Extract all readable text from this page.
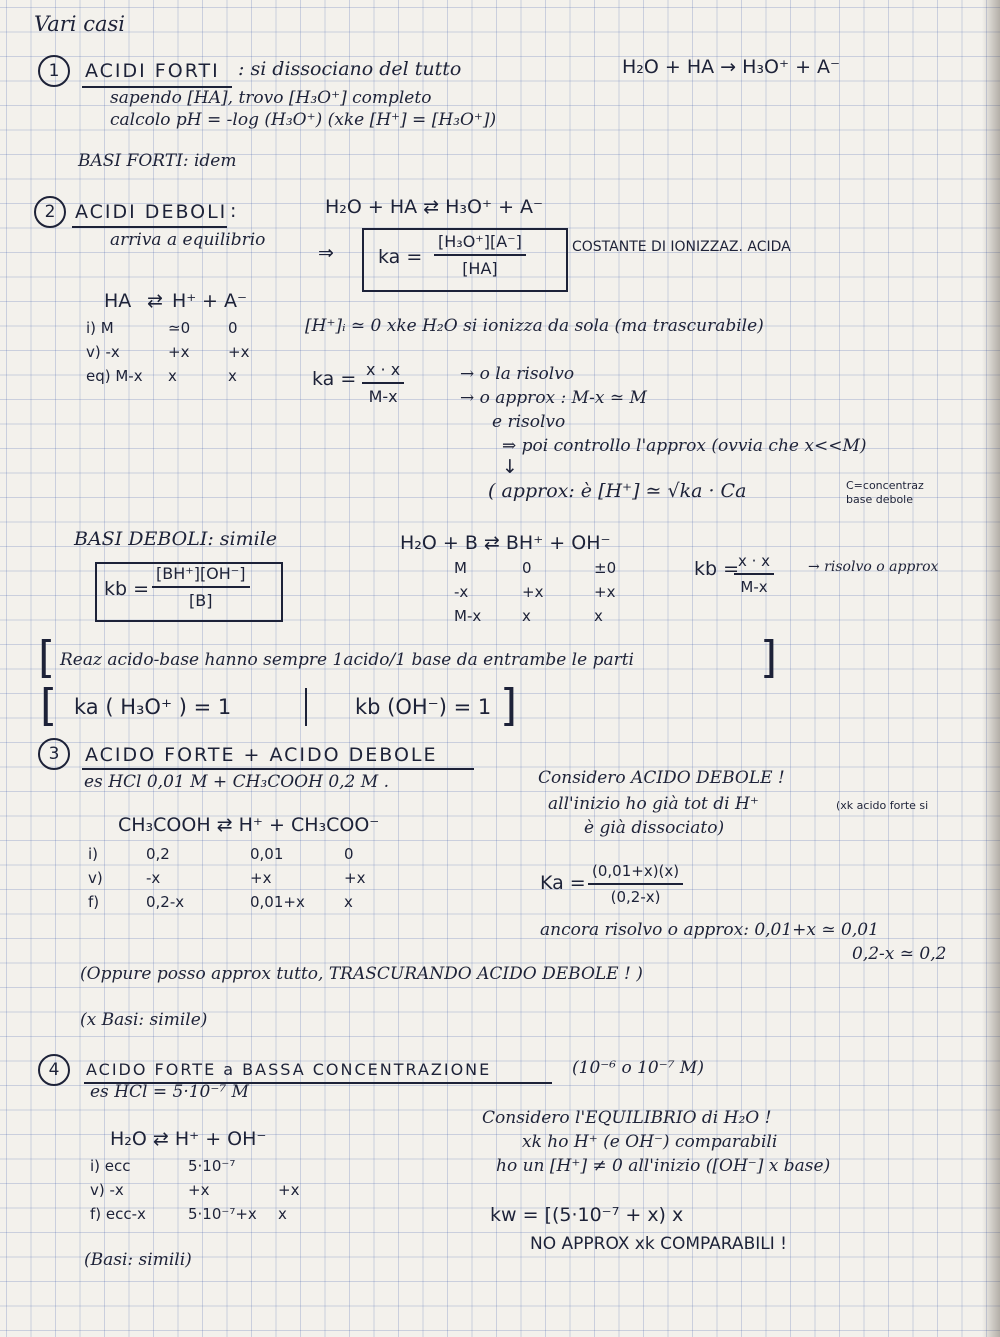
Vari casi
1	ACIDI FORTI : si dissociano del tutto	H₂O + HA → H₃O⁺ + A⁻
sapendo [HA], trovo [H₃O⁺] completo
calcolo pH = -log (H₃O⁺) (xke [H⁺] = [H₃O⁺])
BASI FORTI: idem
2	ACIDI DEBOLI :	H₂O + HA ⇄ H₃O⁺ + A⁻
arriva a equilibrio
⇒ ka = $\frac{\text{[H₃O⁺][A⁻]}}{[HA]}$	COSTANTE DI IONIZZAZ. ACIDA
HA ⇄ H⁺ + A⁻
i) M	≃0	0
v) -x	+x	+x
eq) M-x	x	x
[H⁺]ᵢ ≃ 0 xke H₂O si ionizza da sola (ma trascurabile)
ka = $\frac{x \cdot x}{M-x}$	→ o la risolvo
→ o approx : M-x ≃ M
e risolvo
⇒ poi controllo l'approx (ovvia che x<<M)
↓
( approx: è [H⁺] ≃ √ka · Ca	C=concentraz
base debole
BASI DEBOLI: simile
kb = $\frac{[BH^+][OH^-]}{[B]}$
H₂O + B ⇄ BH⁺ + OH⁻
M	0	±0
-x	+x	+x
M-x	x	x
kb =
$\frac{x \cdot x}{M-x}$ → risolvo o approx
[ Reaz acido-base hanno sempre 1acido/1 base da entrambe le parti	]
[ ka ( H₃O⁺ ) = 1	kb (OH⁻) = 1 ]
3	ACIDO FORTE + ACIDO DEBOLE
es HCl 0,01 M + CH₃COOH 0,2 M .
CH₃COOH ⇄ H⁺ + CH₃COO⁻
i)	0,2	0,01	0
v)	-x	+x	+x
f)	0,2-x	0,01+x	x
Considero ACIDO DEBOLE !
all'inizio ho già tot di H⁺	(xk acido forte si
è già dissociato)
$Ka = \frac{(0,01+x)(x)}{(0,2-x)}$
ancora risolvo o approx: 0,01+x ≃ 0,01
0,2-x ≃ 0,2
(Oppure posso approx tutto, TRASCURANDO ACIDO DEBOLE ! )
(x Basi: simile)
4	ACIDO FORTE a BASSA CONCENTRAZIONE	(10⁻⁶ o 10⁻⁷ M)
es HCl = 5·10⁻⁷ M
H₂O ⇄ H⁺ + OH⁻
i) ecc	5·10⁻⁷	
v) -x	+x	+x
f) ecc-x	5·10⁻⁷+x	x
(Basi: simili)
Considero l'EQUILIBRIO di H₂O !
xk ho H⁺ (e OH⁻) comparabili
ho un [H⁺] ≠ 0 all'inizio ([OH⁻] x base)
kw = [(5·10⁻⁷ + x) x
NO APPROX xk COMPARABILI !
